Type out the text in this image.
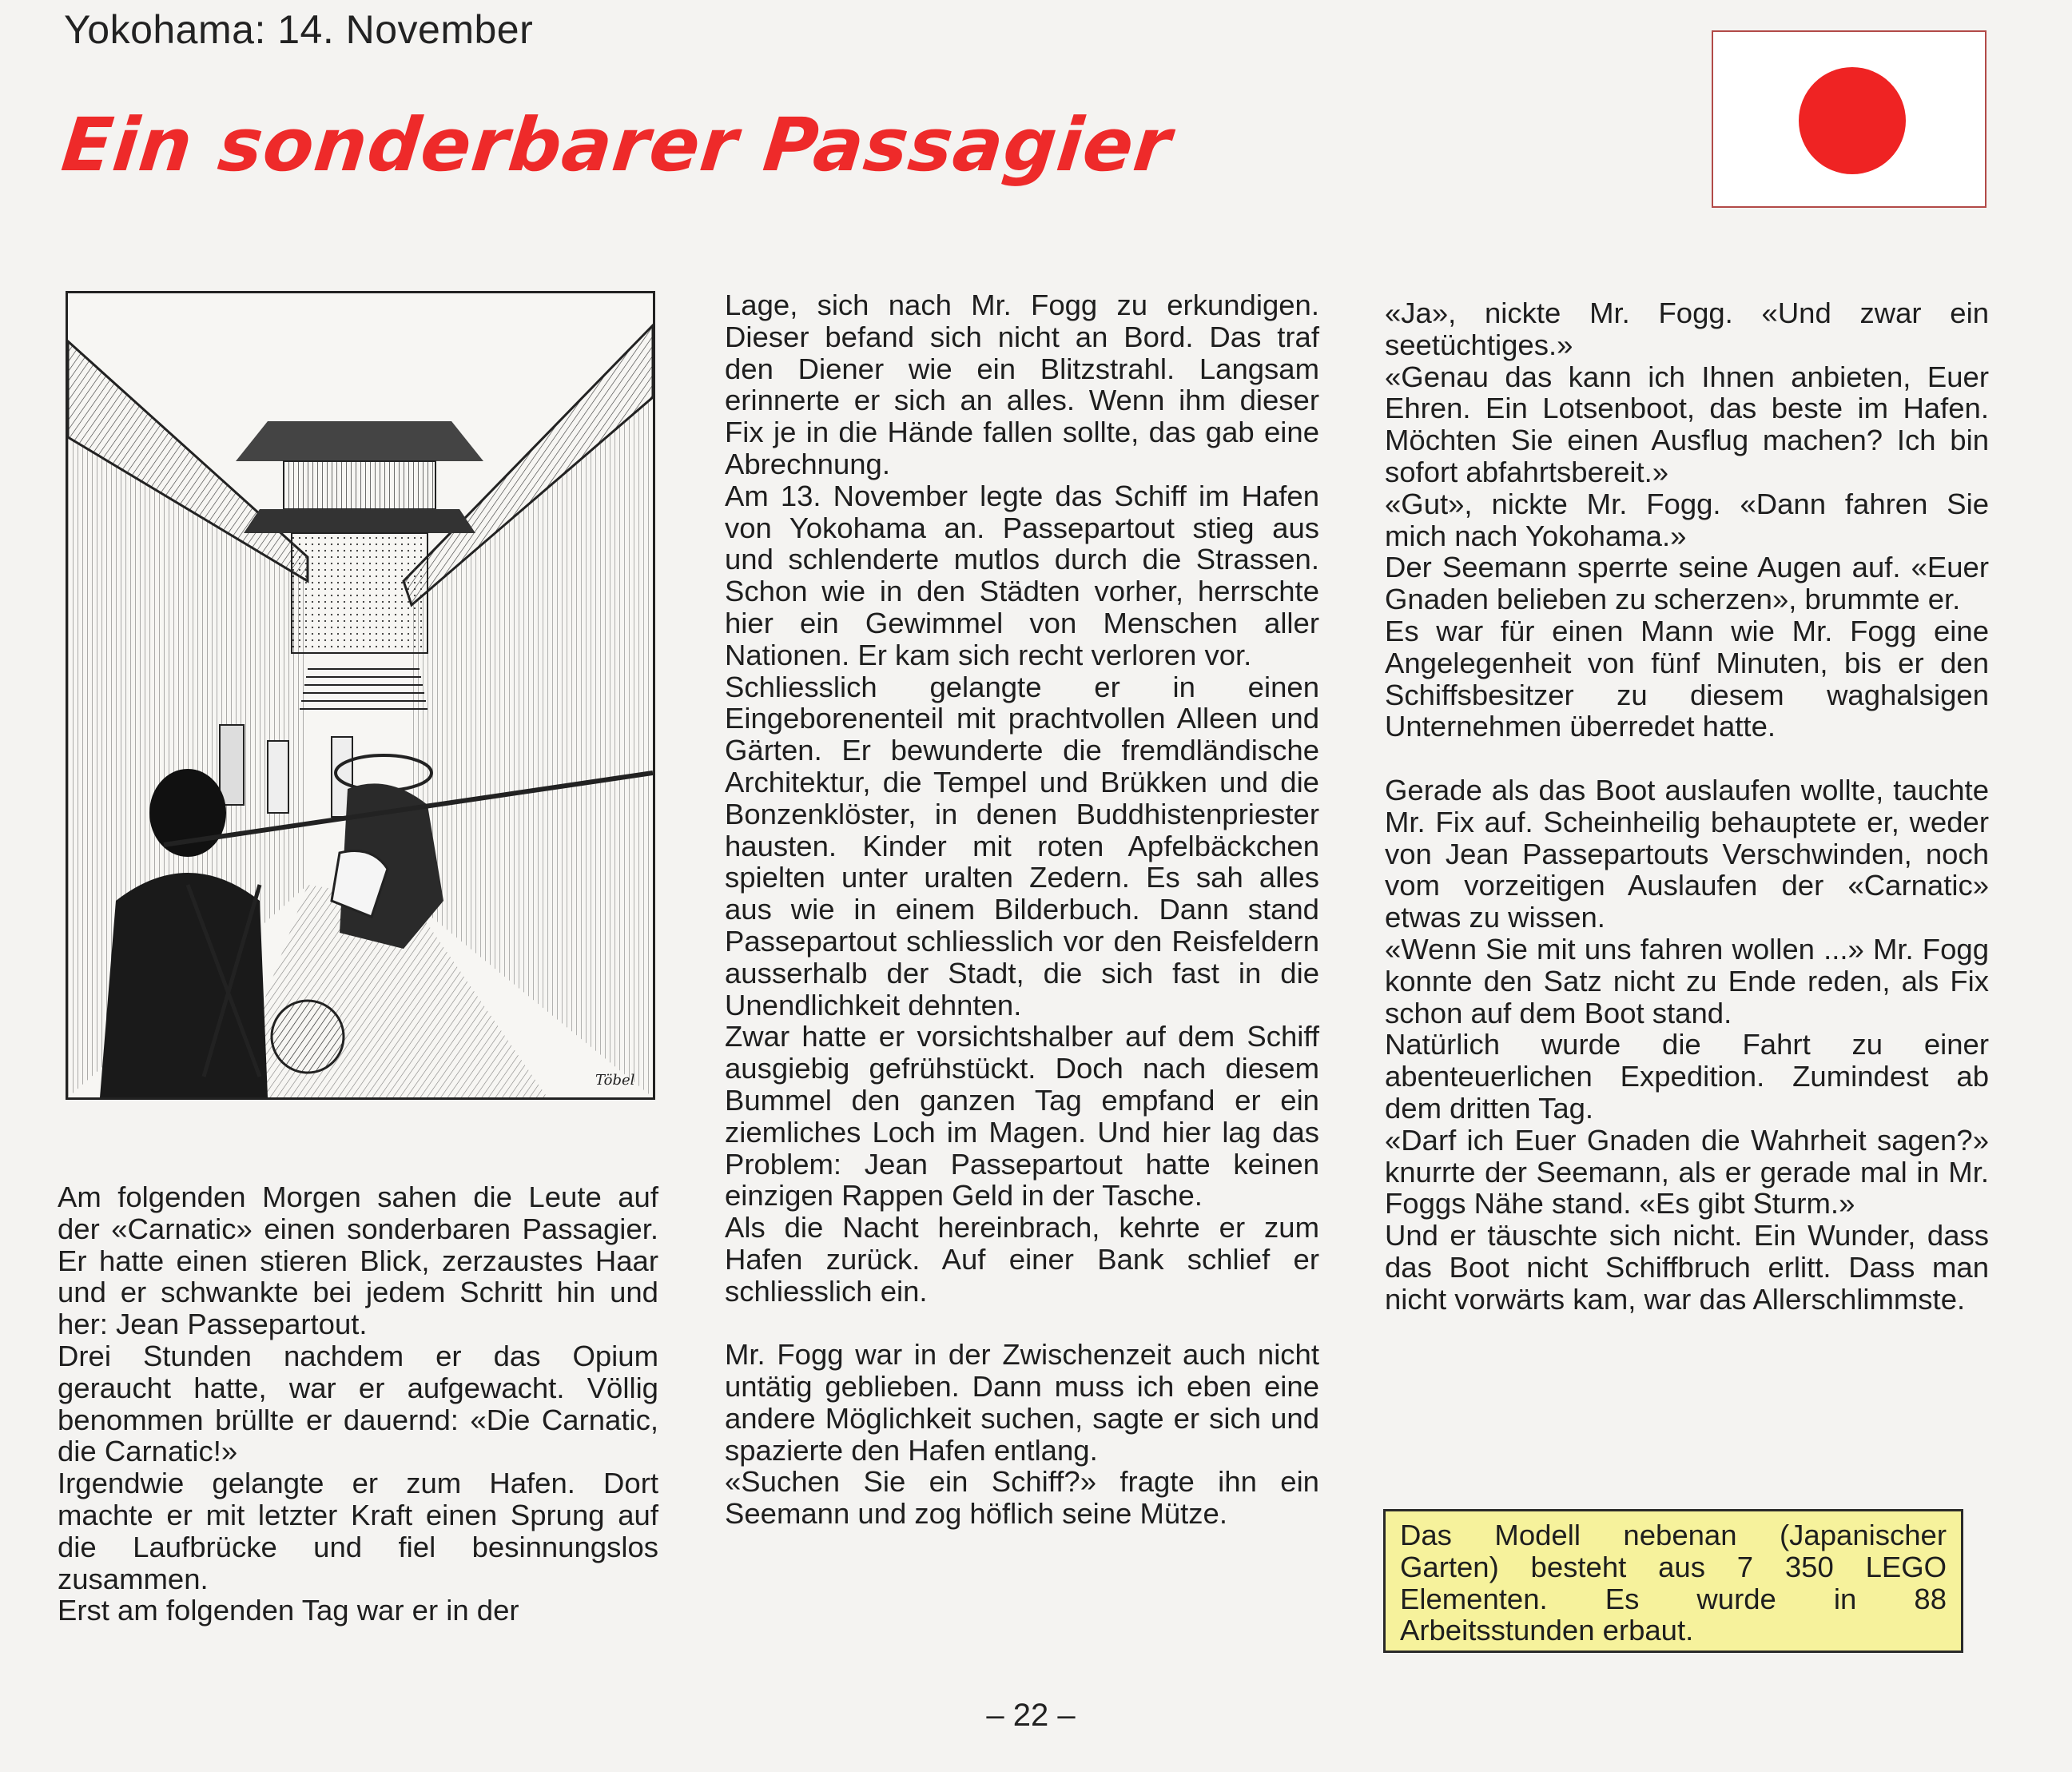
Yokohama: 14. November
Ein sonderbarer Passagier
Töbel

Am folgenden Morgen sahen die Leute auf der «Carnatic» einen sonderbaren Passagier. Er hatte einen stieren Blick, zerzaustes Haar und er schwankte bei jedem Schritt hin und her: Jean Passepartout.

Drei Stunden nachdem er das Opium geraucht hatte, war er aufgewacht. Völlig benommen brüllte er dauernd: «Die Carnatic, die Carnatic!»

Irgendwie gelangte er zum Hafen. Dort machte er mit letzter Kraft einen Sprung auf die Laufbrücke und fiel besinnungslos zusammen.

Erst am folgenden Tag war er in der

Lage, sich nach Mr. Fogg zu erkundigen. Dieser befand sich nicht an Bord. Das traf den Diener wie ein Blitzstrahl. Langsam erinnerte er sich an alles. Wenn ihm dieser Fix je in die Hände fallen sollte, das gab eine Abrechnung.

Am 13. November legte das Schiff im Hafen von Yokohama an. Passepartout stieg aus und schlenderte mutlos durch die Strassen. Schon wie in den Städten vorher, herrschte hier ein Gewimmel von Menschen aller Nationen. Er kam sich recht verloren vor.

Schliesslich gelangte er in einen Eingeborenenteil mit prachtvollen Alleen und Gärten. Er bewunderte die fremdländische Architektur, die Tempel und Brükken und die Bonzenklöster, in denen Buddhistenpriester hausten. Kinder mit roten Apfelbäckchen spielten unter uralten Zedern. Es sah alles aus wie in einem Bilderbuch. Dann stand Passepartout schliesslich vor den Reisfeldern ausserhalb der Stadt, die sich fast in die Unendlichkeit dehnten.

Zwar hatte er vorsichtshalber auf dem Schiff ausgiebig gefrühstückt. Doch nach diesem Bummel den ganzen Tag empfand er ein ziemliches Loch im Magen. Und hier lag das Problem: Jean Passepartout hatte keinen einzigen Rappen Geld in der Tasche.

Als die Nacht hereinbrach, kehrte er zum Hafen zurück. Auf einer Bank schlief er schliesslich ein.

Mr. Fogg war in der Zwischenzeit auch nicht untätig geblieben. Dann muss ich eben eine andere Möglichkeit suchen, sagte er sich und spazierte den Hafen entlang.

«Suchen Sie ein Schiff?» fragte ihn ein Seemann und zog höflich seine Mütze.

«Ja», nickte Mr. Fogg. «Und zwar ein seetüchtiges.»

«Genau das kann ich Ihnen anbieten, Euer Ehren. Ein Lotsenboot, das beste im Hafen. Möchten Sie einen Ausflug machen? Ich bin sofort abfahrtsbereit.»

«Gut», nickte Mr. Fogg. «Dann fahren Sie mich nach Yokohama.»

Der Seemann sperrte seine Augen auf. «Euer Gnaden belieben zu scherzen», brummte er.

Es war für einen Mann wie Mr. Fogg eine Angelegenheit von fünf Minuten, bis er den Schiffsbesitzer zu diesem waghalsigen Unternehmen überredet hatte.

Gerade als das Boot auslaufen wollte, tauchte Mr. Fix auf. Scheinheilig behauptete er, weder von Jean Passepartouts Verschwinden, noch vom vorzeitigen Auslaufen der «Carnatic» etwas zu wissen.

«Wenn Sie mit uns fahren wollen ...» Mr. Fogg konnte den Satz nicht zu Ende reden, als Fix schon auf dem Boot stand.

Natürlich wurde die Fahrt zu einer abenteuerlichen Expedition. Zumindest ab dem dritten Tag.

«Darf ich Euer Gnaden die Wahrheit sagen?» knurrte der Seemann, als er gerade mal in Mr. Foggs Nähe stand. «Es gibt Sturm.»

Und er täuschte sich nicht. Ein Wunder, dass das Boot nicht Schiffbruch erlitt. Dass man nicht vorwärts kam, war das Allerschlimmste.

Das Modell nebenan (Japanischer Garten) besteht aus 7 350 LEGO Elementen. Es wurde in 88 Arbeitsstunden erbaut.
– 22 –
